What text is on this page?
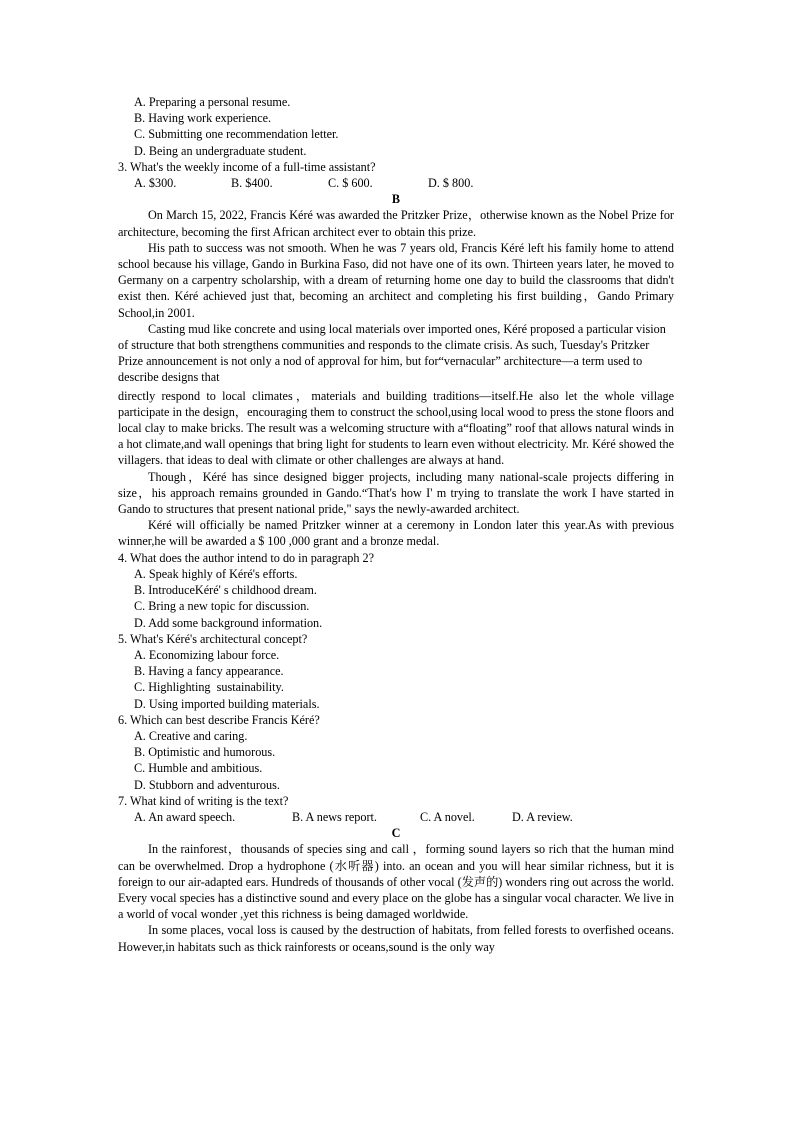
A. Preparing a personal resume.
B. Having work experience.
C. Submitting one recommendation letter.
D. Being an undergraduate student.
3. What's the weekly income of a full-time assistant?
A. $300.	B. $400.	C. $ 600.	D. $ 800.
B
On March 15, 2022, Francis Kéré was awarded the Pritzker Prize，otherwise known as the Nobel Prize for architecture, becoming the first African architect ever to obtain this prize.
His path to success was not smooth. When he was 7 years old, Francis Kéré left his family home to attend school because his village, Gando in Burkina Faso, did not have one of its own. Thirteen years later, he moved to Germany on a carpentry scholarship, with a dream of returning home one day to build the classrooms that didn't exist then. Kéré achieved just that, becoming an architect and completing his first building，Gando Primary School,in 2001.
Casting mud like concrete and using local materials over imported ones, Kéré proposed a particular vision of structure that both strengthens communities and responds to the climate crisis. As such, Tuesday's Pritzker Prize announcement is not only a nod of approval for him, but for“vernacular” architecture—a term used to describe designs that
directly respond to local climates，materials and building traditions—itself.He also let the whole village participate in the design，encouraging them to construct the school,using local wood to press the stone floors and local clay to make bricks. The result was a welcoming structure with a“floating” roof that allows natural winds in a hot climate,and wall openings that bring light for students to learn even without electricity. Mr. Kéré showed the villagers. that ideas to deal with climate or other challenges are always at hand.
Though，Kéré has since designed bigger projects, including many national-scale projects differing in size，his approach remains grounded in Gando.“That's how I' m trying to translate the work I have started in Gando to structures that present national pride," says the newly-awarded architect.
Kéré will officially be named Pritzker winner at a ceremony in London later this year.As with previous winner,he will be awarded a $ 100 ,000 grant and a bronze medal.
4. What does the author intend to do in paragraph 2?
A. Speak highly of Kéré's efforts.
B. IntroduceKéré' s childhood dream.
C. Bring a new topic for discussion.
D. Add some background information.
5. What's Kéré's architectural concept?
A. Economizing labour force.
B. Having a fancy appearance.
C. Highlighting  sustainability.
D. Using imported building materials.
6. Which can best describe Francis Kéré?
A. Creative and caring.
B. Optimistic and humorous.
C. Humble and ambitious.
D. Stubborn and adventurous.
7. What kind of writing is the text?
A. An award speech.	B. A news report.	C. A novel.	D. A review.
C
In the rainforest，thousands of species sing and call ，forming sound layers so rich that the human mind can be overwhelmed. Drop a hydrophone (水听器) into. an ocean and you will hear similar richness, but it is foreign to our air-adapted ears. Hundreds of thousands of other vocal (发声的) wonders ring out across the world. Every vocal species has a distinctive sound and every place on the globe has a singular vocal character. We live in a world of vocal wonder ,yet this richness is being damaged worldwide.
In some places, vocal loss is caused by the destruction of habitats, from felled forests to overfished oceans. However,in habitats such as thick rainforests or oceans,sound is the only way
